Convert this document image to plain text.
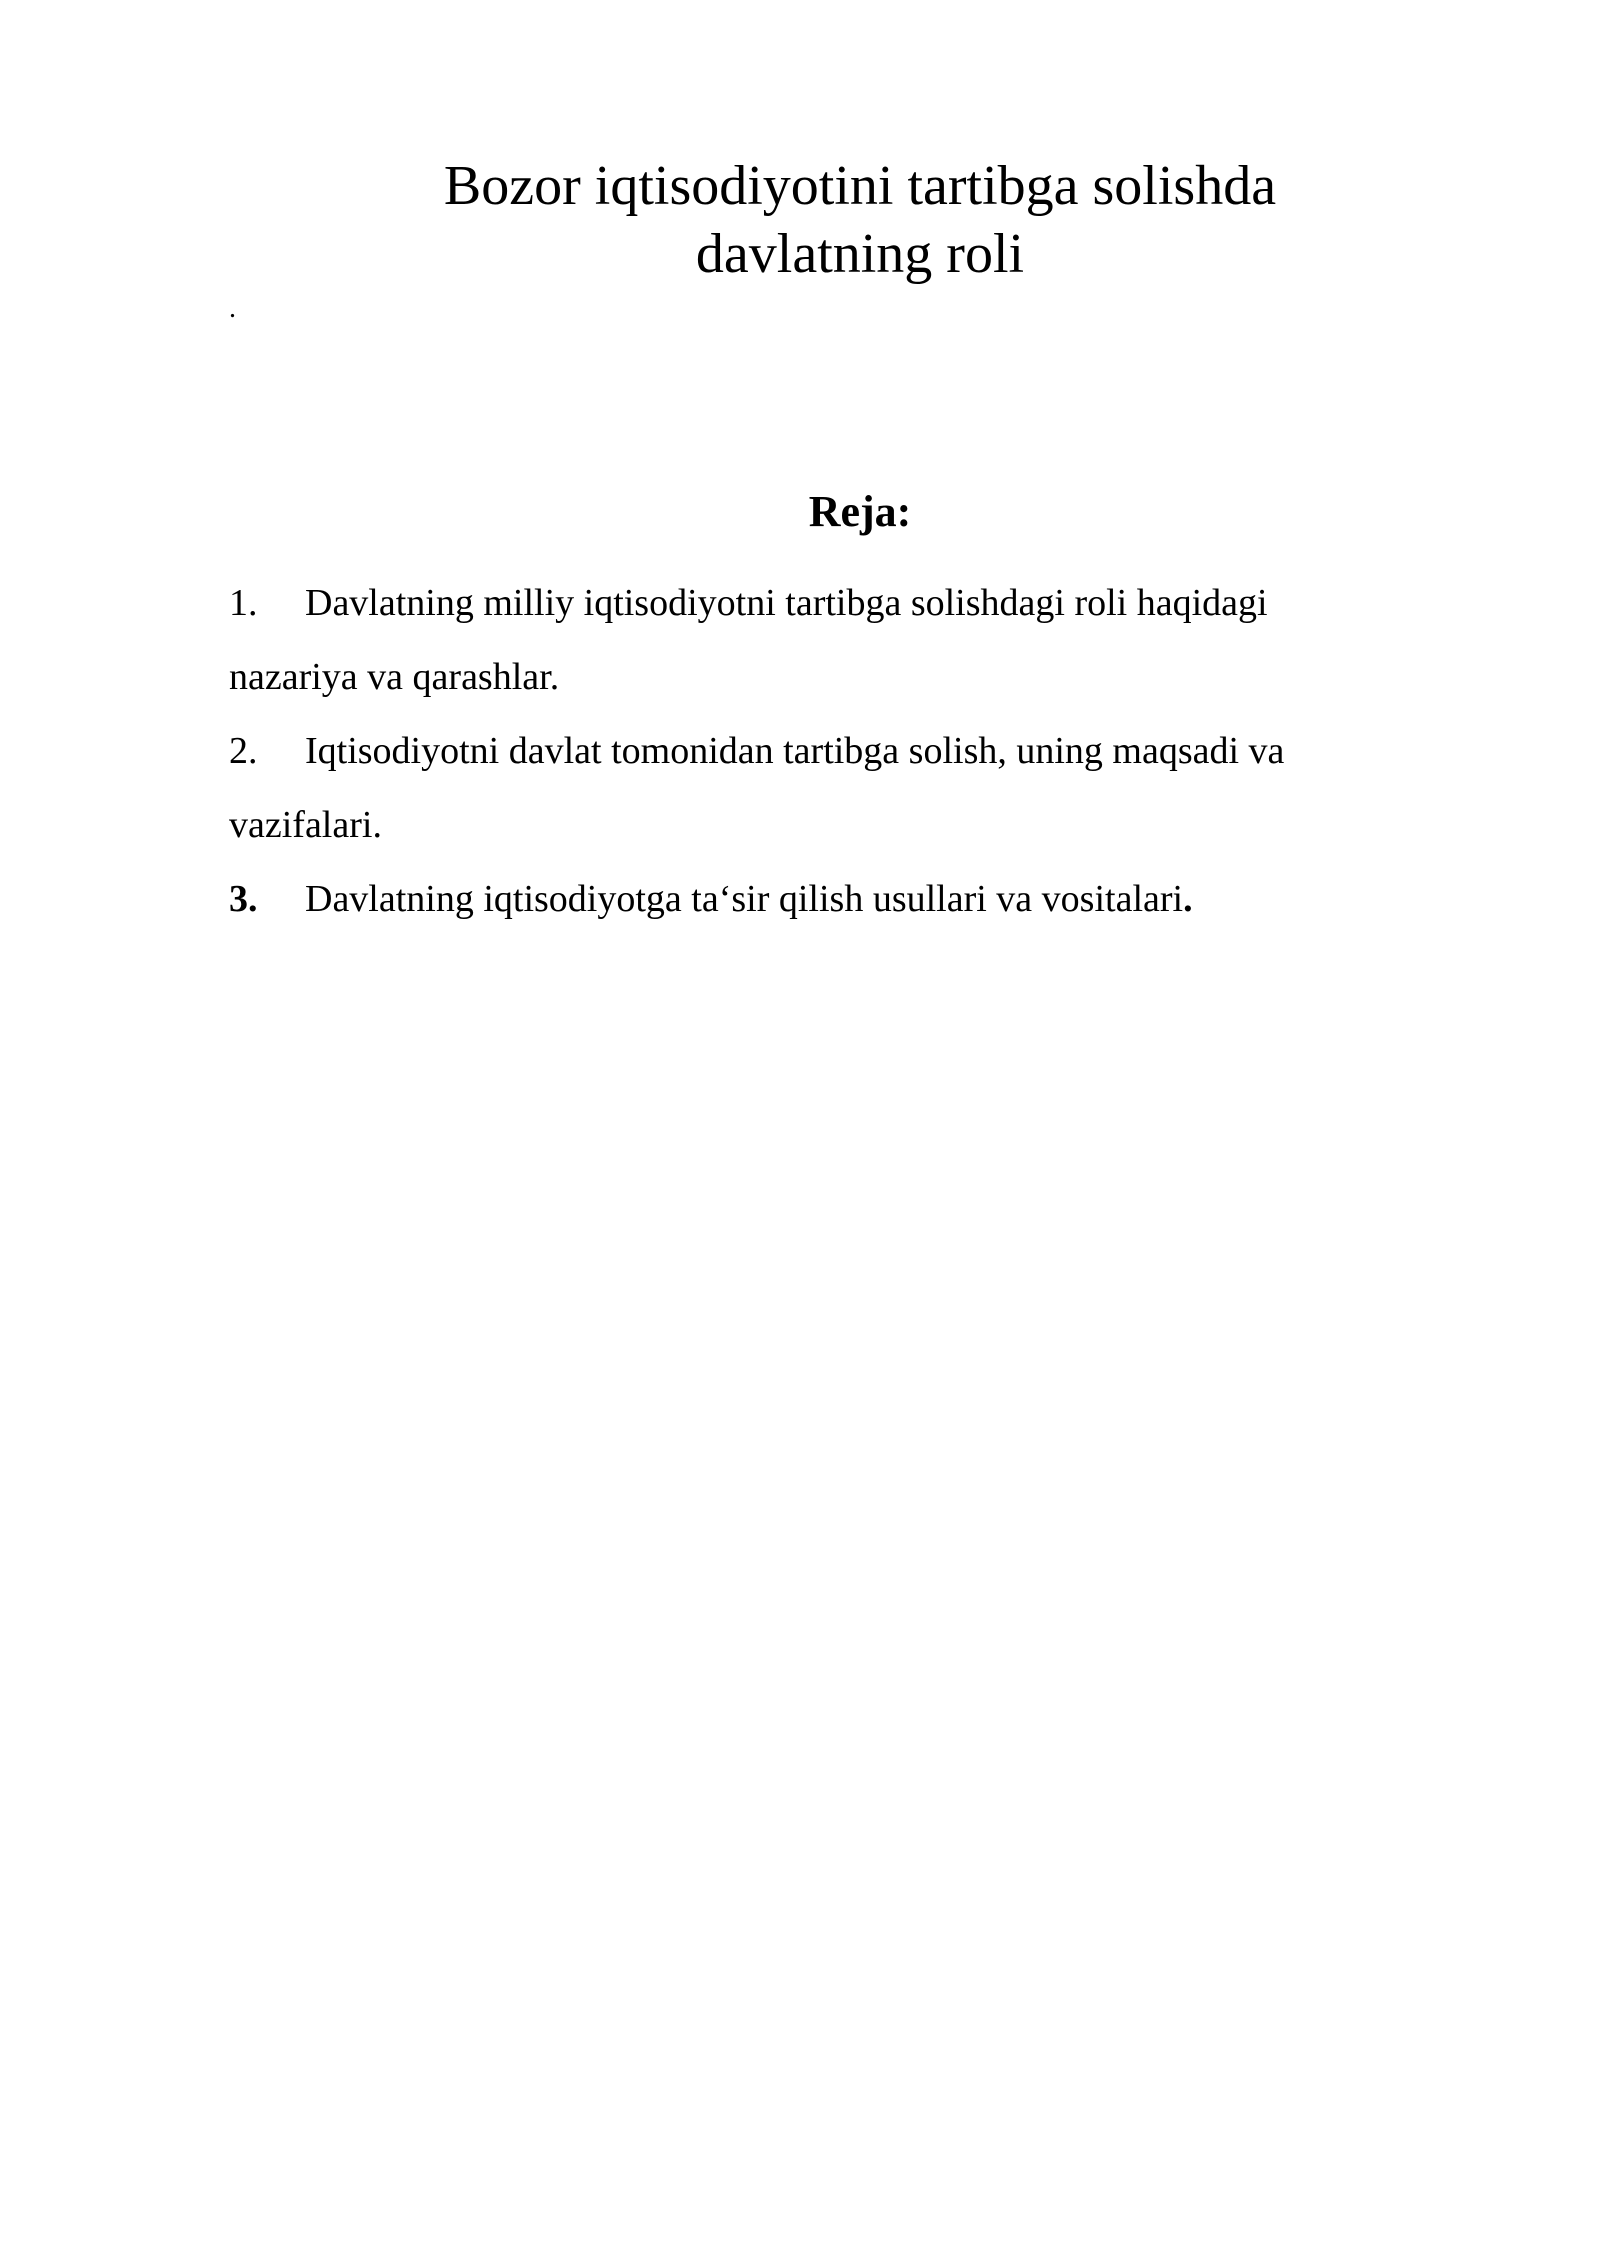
Bozor iqtisodiyotini tartibga solishda
davlatning roli
.
Reja:
1. Davlatning milliy iqtisodiyotni tartibga solishdagi roli haqidagi
nazariya va qarashlar.
2. Iqtisodiyotni davlat tomonidan tartibga solish, uning maqsadi va
vazifalari.
3. Davlatning iqtisodiyotga ta‘sir qilish usullari va vositalari.
